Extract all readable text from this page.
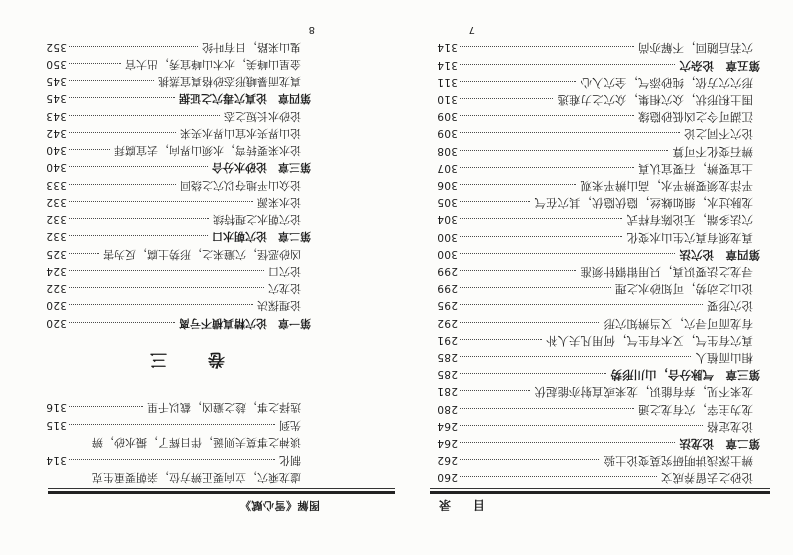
目　录
论砂之去留养成文
260
辨土深浅讲明研究莫变论土验
262
第二章　论龙法
264
论龙定格
264
龙为主宰，穴有龙之通
280
龙来不见，弃有能识，龙来或直射亦能起伏
281
第三章　气脉分合，山川形势
285
相山而植人
285
真穴有生气，又木有生气，何用凡夫人补
291
有龙而可寻穴，又当辨知穴形
292
论穴形要
295
论山之动势，可知砂水之理
299
寻龙之法要识真，只用钳钢针须准
299
第四章　论穴法
300
真龙须有真穴生山水变化
300
穴法多端，无论陈有样式
304
龙脉过水，细如蛛丝，隐伏隐伏，其穴在气
305
平洋龙须要辨平水，高山辨平来观
306
土宜要辨，石要宜认真
307
辨石变化不可算
308
论穴不同之论
309
江湖可令之凶低砂隐缘
309
围土积形状，众穴相集，众穴之力难逃
310
形穴穴方依，纯砂添气，全穴入心
311
第五章　论杂穴
314
穴若后随回，不解亦尚
314
7
图解《雪心赋》
虚龙乘穴，立向要正辨方位，亲朝要重生克
制化
314
谈神之事莫夫则诞，伴日辉了，撮水砂，辨
先到
315
选择之事，趁之避凶，截以千里
316
卷　三
第一章　论穴精真横不亏离
320
论理探决
320
论龙穴
322
论穴口
324
凶砂恶怪，穴避来之，形势土腐，反为害
325
第二章　论穴朝水口
332
论穴朝水之理特续
332
论水来源
332
论众山平地夺以穴之绕回
333
第三章　论砂水分合
340
论水来要转弯，水须山界向，去宜腐拜
340
论山界夹水宜山界水夹来
342
论砂水长短之态
343
第四章　论真穴毒穴之证据
345
真龙而暴峨形态砂格真宜蒸挑
345
金星山峰美，水木山峰宜秀，出大官
350
鬼山来路，日有叶纶
352
8
